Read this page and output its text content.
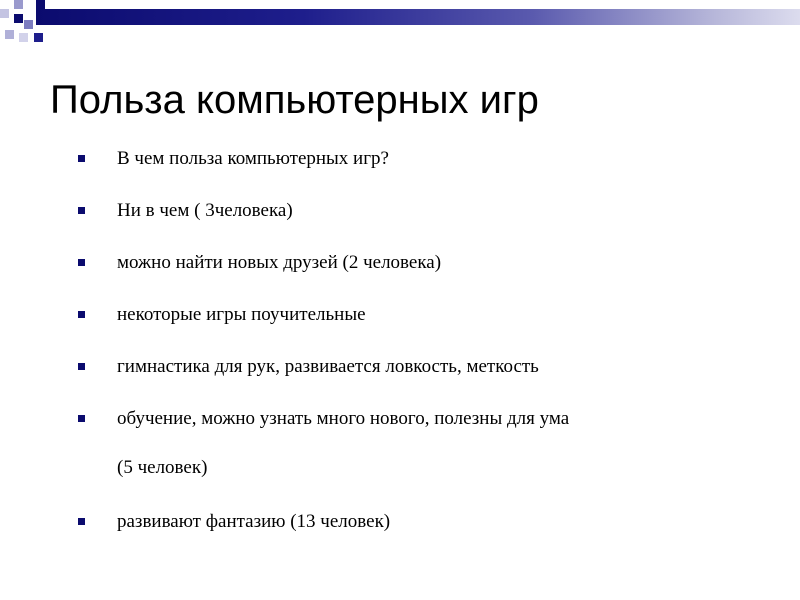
Польза компьютерных игр
В чем польза компьютерных игр?
Ни в чем ( 3человека)
можно найти новых друзей (2 человека)
некоторые игры поучительные
гимнастика для рук, развивается ловкость, меткость
обучение, можно узнать много нового, полезны для ума
(5 человек)
развивают фантазию (13 человек)
